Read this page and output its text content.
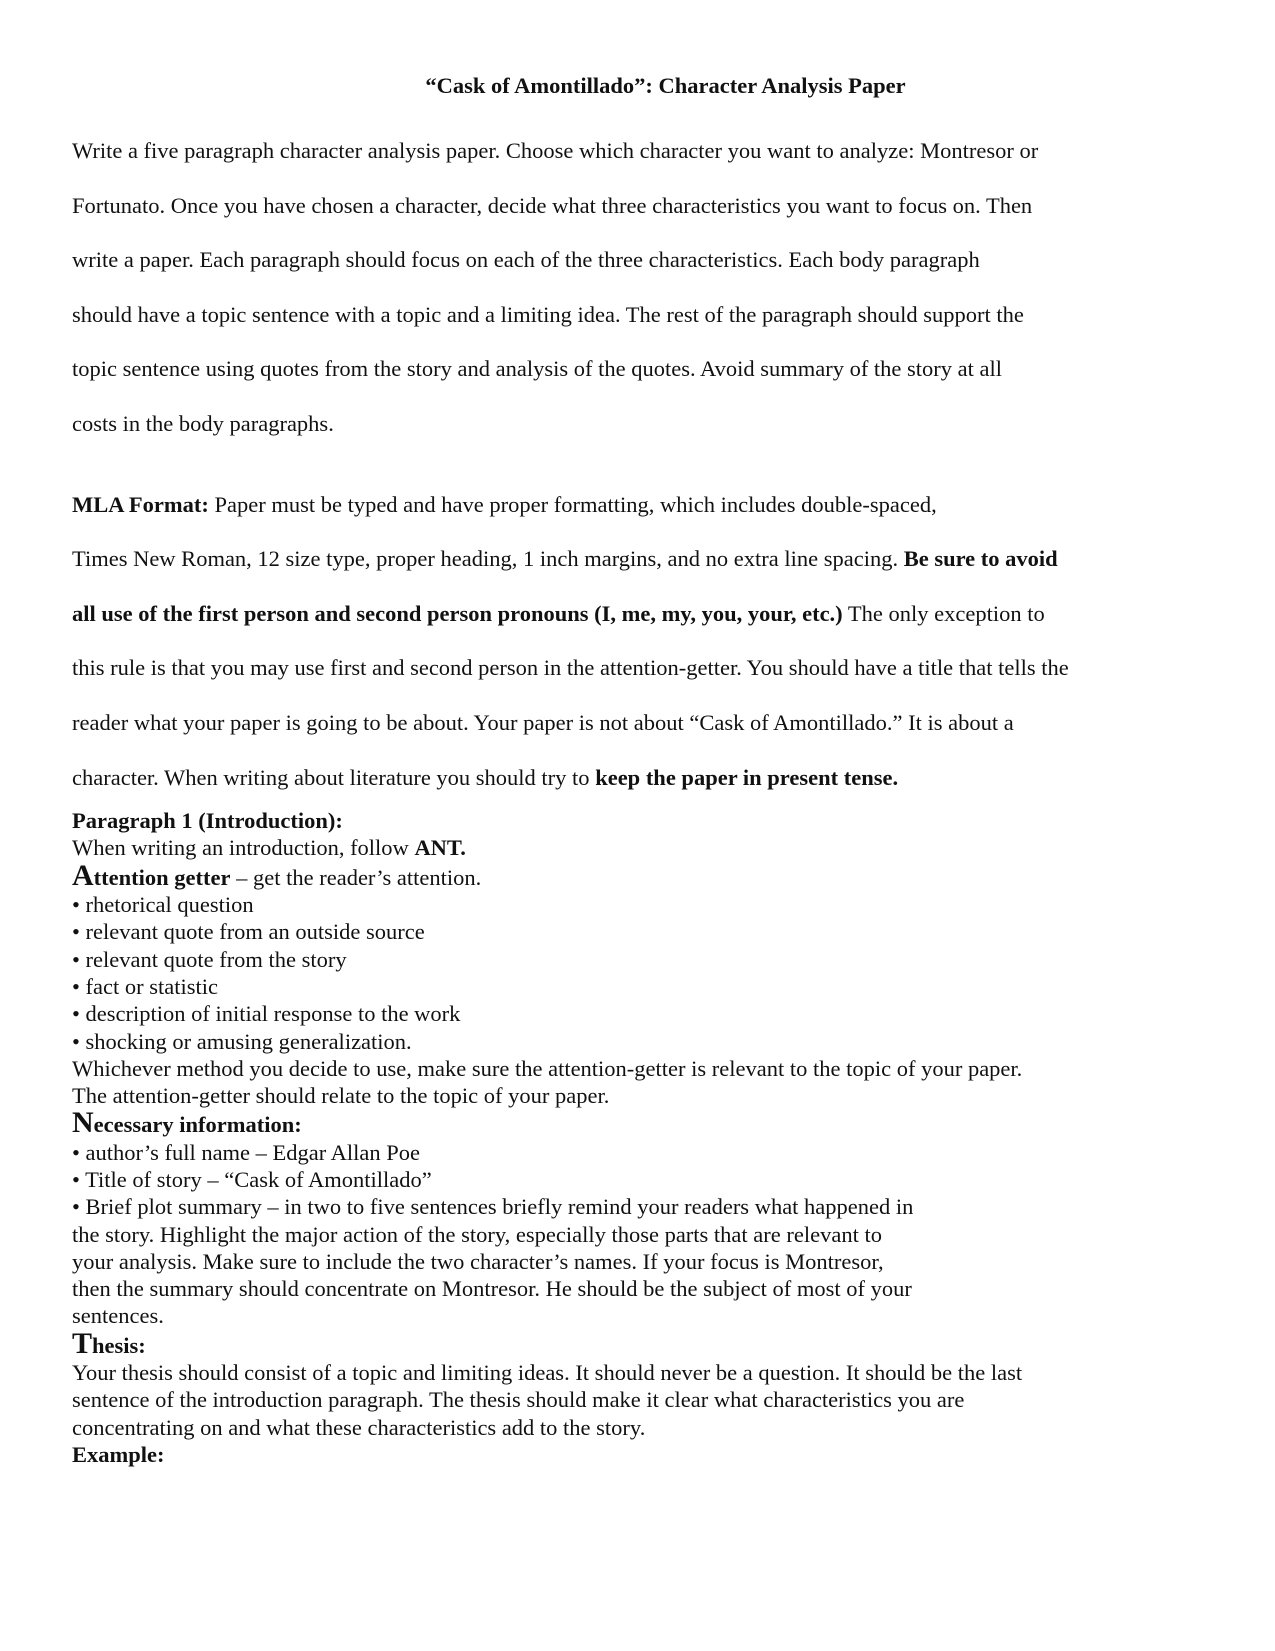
“Cask of Amontillado”: Character Analysis Paper

Write a five paragraph character analysis paper. Choose which character you want to analyze: Montresor or

Fortunato. Once you have chosen a character, decide what three characteristics you want to focus on. Then

write a paper. Each paragraph should focus on each of the three characteristics. Each body paragraph

should have a topic sentence with a topic and a limiting idea. The rest of the paragraph should support the

topic sentence using quotes from the story and analysis of the quotes. Avoid summary of the story at all

costs in the body paragraphs.

MLA Format: Paper must be typed and have proper formatting, which includes double-spaced,

Times New Roman, 12 size type, proper heading, 1 inch margins, and no extra line spacing. Be sure to avoid

all use of the first person and second person pronouns (I, me, my, you, your, etc.) The only exception to

this rule is that you may use first and second person in the attention-getter. You should have a title that tells the

reader what your paper is going to be about. Your paper is not about “Cask of Amontillado.” It is about a

character. When writing about literature you should try to keep the paper in present tense.

Paragraph 1 (Introduction):

When writing an introduction, follow ANT.

Attention getter – get the reader’s attention.

• rhetorical question

• relevant quote from an outside source

• relevant quote from the story

• fact or statistic

• description of initial response to the work

• shocking or amusing generalization.

Whichever method you decide to use, make sure the attention-getter is relevant to the topic of your paper.

The attention-getter should relate to the topic of your paper.

Necessary information:

• author’s full name – Edgar Allan Poe

• Title of story – “Cask of Amontillado”

• Brief plot summary – in two to five sentences briefly remind your readers what happened in

the story. Highlight the major action of the story, especially those parts that are relevant to

your analysis. Make sure to include the two character’s names. If your focus is Montresor,

then the summary should concentrate on Montresor. He should be the subject of most of your

sentences.

Thesis:

Your thesis should consist of a topic and limiting ideas. It should never be a question. It should be the last

sentence of the introduction paragraph. The thesis should make it clear what characteristics you are

concentrating on and what these characteristics add to the story.

Example:
